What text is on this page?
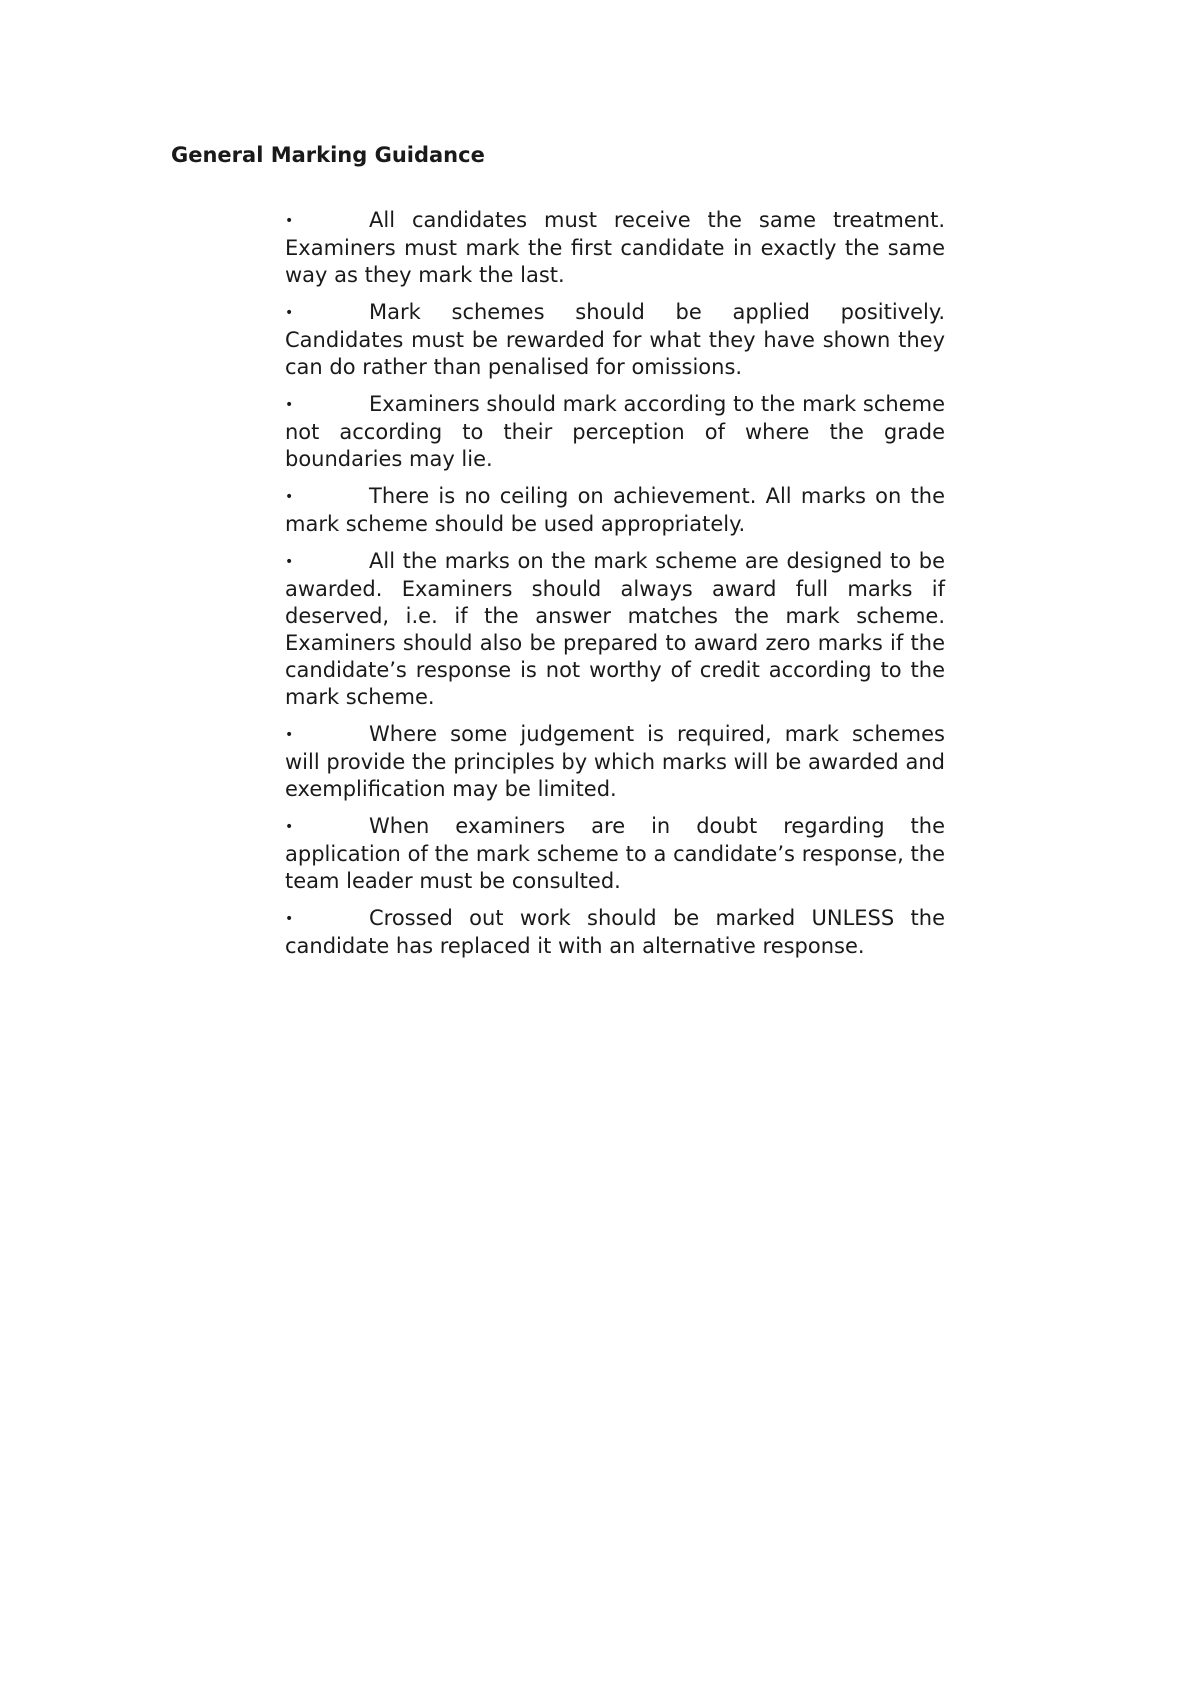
General Marking Guidance
•	All candidates must receive the same treatment. Examiners must mark the first candidate in exactly the same way as they mark the last.
•	Mark schemes should be applied positively. Candidates must be rewarded for what they have shown they can do rather than penalised for omissions.
•	Examiners should mark according to the mark scheme not according to their perception of where the grade boundaries may lie.
•	There is no ceiling on achievement. All marks on the mark scheme should be used appropriately.
•	All the marks on the mark scheme are designed to be awarded. Examiners should always award full marks if deserved, i.e. if the answer matches the mark scheme. Examiners should also be prepared to award zero marks if the candidate’s response is not worthy of credit according to the mark scheme.
•	Where some judgement is required, mark schemes will provide the principles by which marks will be awarded and exemplification may be limited.
•	When examiners are in doubt regarding the application of the mark scheme to a candidate’s response, the team leader must be consulted.
•	Crossed out work should be marked UNLESS the candidate has replaced it with an alternative response.
